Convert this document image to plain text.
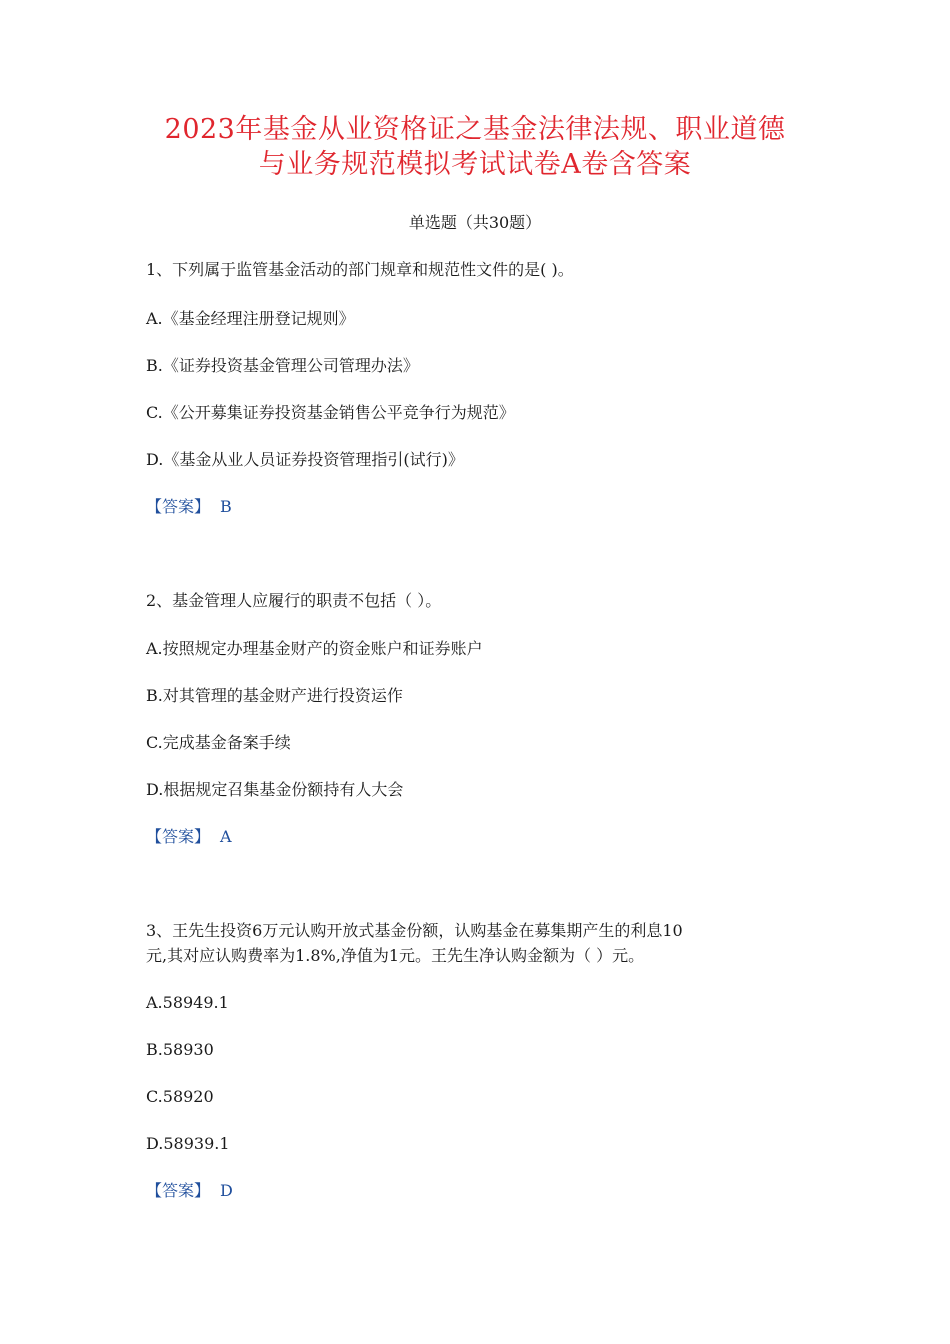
2023年基金从业资格证之基金法律法规、职业道德
与业务规范模拟考试试卷A卷含答案
单选题（共30题）
1、下列属于监管基金活动的部门规章和规范性文件的是( )。
A.《基金经理注册登记规则》
B.《证券投资基金管理公司管理办法》
C.《公开募集证券投资基金销售公平竞争行为规范》
D.《基金从业人员证券投资管理指引(试行)》
【答案】 B
2、基金管理人应履行的职责不包括（ ）。
A.按照规定办理基金财产的资金账户和证券账户
B.对其管理的基金财产进行投资运作
C.完成基金备案手续
D.根据规定召集基金份额持有人大会
【答案】 A
3、王先生投资6万元认购开放式基金份额，认购基金在募集期产生的利息10
元,其对应认购费率为1.8%,净值为1元。王先生净认购金额为（ ）元。
A.58949.1
B.58930
C.58920
D.58939.1
【答案】 D
